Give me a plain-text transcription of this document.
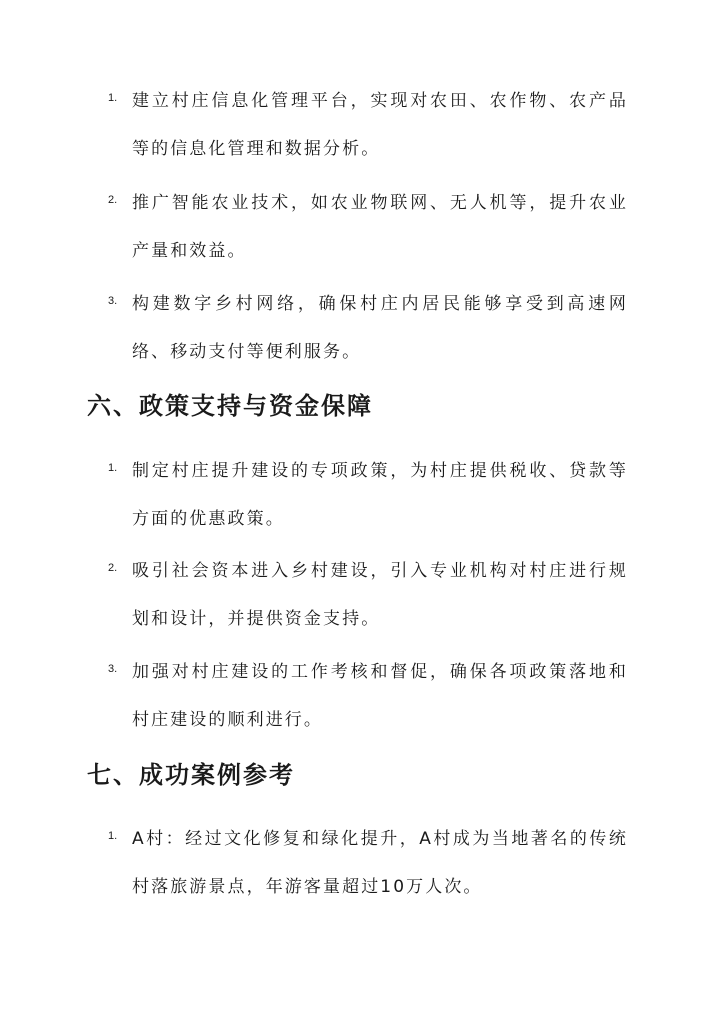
1. 建立村庄信息化管理平台，实现对农田、农作物、农产品等的信息化管理和数据分析。
2. 推广智能农业技术，如农业物联网、无人机等，提升农业产量和效益。
3. 构建数字乡村网络，确保村庄内居民能够享受到高速网络、移动支付等便利服务。
六、政策支持与资金保障
1. 制定村庄提升建设的专项政策，为村庄提供税收、贷款等方面的优惠政策。
2. 吸引社会资本进入乡村建设，引入专业机构对村庄进行规划和设计，并提供资金支持。
3. 加强对村庄建设的工作考核和督促，确保各项政策落地和村庄建设的顺利进行。
七、成功案例参考
1. A村：经过文化修复和绿化提升，A村成为当地著名的传统村落旅游景点，年游客量超过10万人次。
